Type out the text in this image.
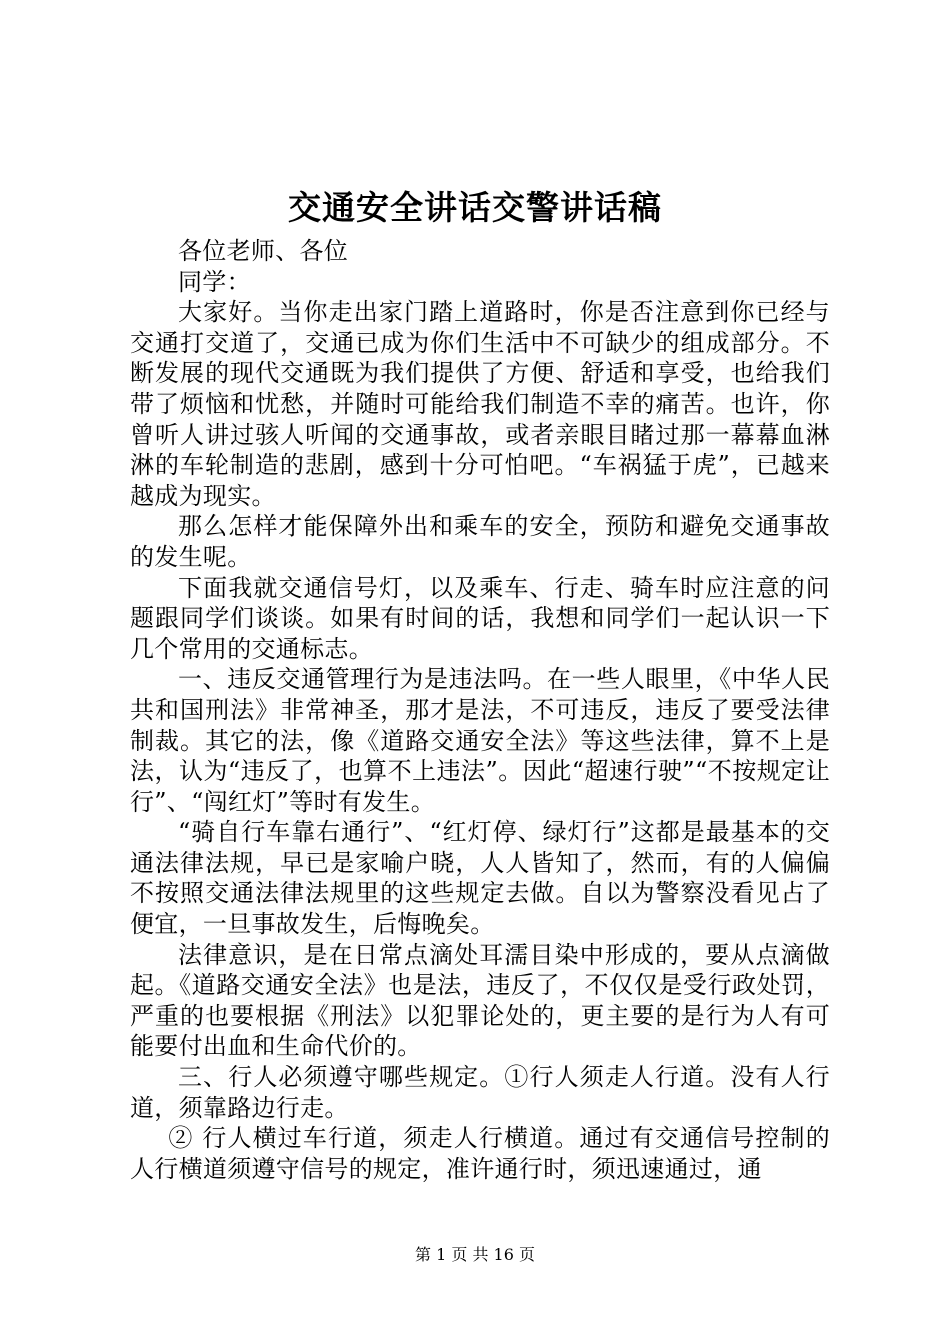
交通安全讲话交警讲话稿

各位老师、各位

同学：

大家好。当你走出家门踏上道路时，你是否注意到你已经与交通打交道了，交通已成为你们生活中不可缺少的组成部分。不断发展的现代交通既为我们提供了方便、舒适和享受，也给我们带了烦恼和忧愁，并随时可能给我们制造不幸的痛苦。也许，你曾听人讲过骇人听闻的交通事故，或者亲眼目睹过那一幕幕血淋淋的车轮制造的悲剧，感到十分可怕吧。“车祸猛于虎”，已越来越成为现实。

那么怎样才能保障外出和乘车的安全，预防和避免交通事故的发生呢。

下面我就交通信号灯，以及乘车、行走、骑车时应注意的问题跟同学们谈谈。如果有时间的话，我想和同学们一起认识一下几个常用的交通标志。

一、违反交通管理行为是违法吗。在一些人眼里，《中华人民共和国刑法》非常神圣，那才是法，不可违反，违反了要受法律制裁。其它的法，像《道路交通安全法》等这些法律，算不上是法，认为“违反了，也算不上违法”。因此“超速行驶”“不按规定让行”、“闯红灯”等时有发生。

“骑自行车靠右通行”、“红灯停、绿灯行”这都是最基本的交通法律法规，早已是家喻户晓，人人皆知了，然而，有的人偏偏不按照交通法律法规里的这些规定去做。自以为警察没看见占了便宜，一旦事故发生，后悔晚矣。

法律意识，是在日常点滴处耳濡目染中形成的，要从点滴做起。《道路交通安全法》也是法，违反了，不仅仅是受行政处罚，严重的也要根据《刑法》以犯罪论处的，更主要的是行为人有可能要付出血和生命代价的。

三、行人必须遵守哪些规定。①行人须走人行道。没有人行道，须靠路边行走。

② 行人横过车行道，须走人行横道。通过有交通信号控制的人行横道须遵守信号的规定，准许通行时，须迅速通过，通

第 1 页 共 16 页
